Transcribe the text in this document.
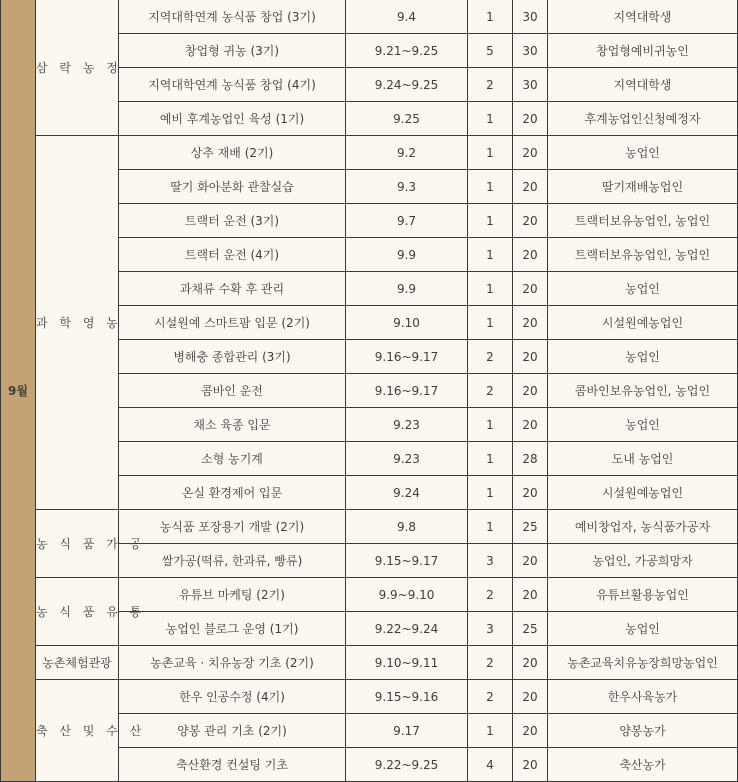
9월	삼 락 농 정	지역대학연계 농식품 창업 (3기)	9.4	1	30	지역대학생
		창업형 귀농 (3기)	9.21~9.25	5	30	창업형예비귀농인
		지역대학연계 농식품 창업 (4기)	9.24~9.25	2	30	지역대학생
		예비 후계농업인 육성 (1기)	9.25	1	20	후계농업인신청예정자
	과 학 영 농	상추 재배 (2기)	9.2	1	20	농업인
		딸기 화아분화 관찰실습	9.3	1	20	딸기재배농업인
		트랙터 운전 (3기)	9.7	1	20	트랙터보유농업인, 농업인
		트랙터 운전 (4기)	9.9	1	20	트랙터보유농업인, 농업인
		과채류 수확 후 관리	9.9	1	20	농업인
		시설원예 스마트팜 입문 (2기)	9.10	1	20	시설원예농업인
		병해충 종합관리 (3기)	9.16~9.17	2	20	농업인
		콤바인 운전	9.16~9.17	2	20	콤바인보유농업인, 농업인
		채소 육종 입문	9.23	1	20	농업인
		소형 농기계	9.23	1	28	도내 농업인
		온실 환경제어 입문	9.24	1	20	시설원예농업인
	농 식 품 가 공	농식품 포장용기 개발 (2기)	9.8	1	25	예비창업자, 농식품가공자
		쌀가공(떡류, 한과류, 빵류)	9.15~9.17	3	20	농업인, 가공희망자
	농 식 품 유 통	유튜브 마케팅 (2기)	9.9~9.10	2	20	유튜브활용농업인
		농업인 블로그 운영 (1기)	9.22~9.24	3	25	농업인
	농촌체험관광	농촌교육 · 치유농장 기초 (2기)	9.10~9.11	2	20	농촌교육치유농장희망농업인
	축 산 및 수 산	한우 인공수정 (4기)	9.15~9.16	2	20	한우사육농가
		양봉 관리 기초 (2기)	9.17	1	20	양봉농가
		축산환경 컨설팅 기초	9.22~9.25	4	20	축산농가
